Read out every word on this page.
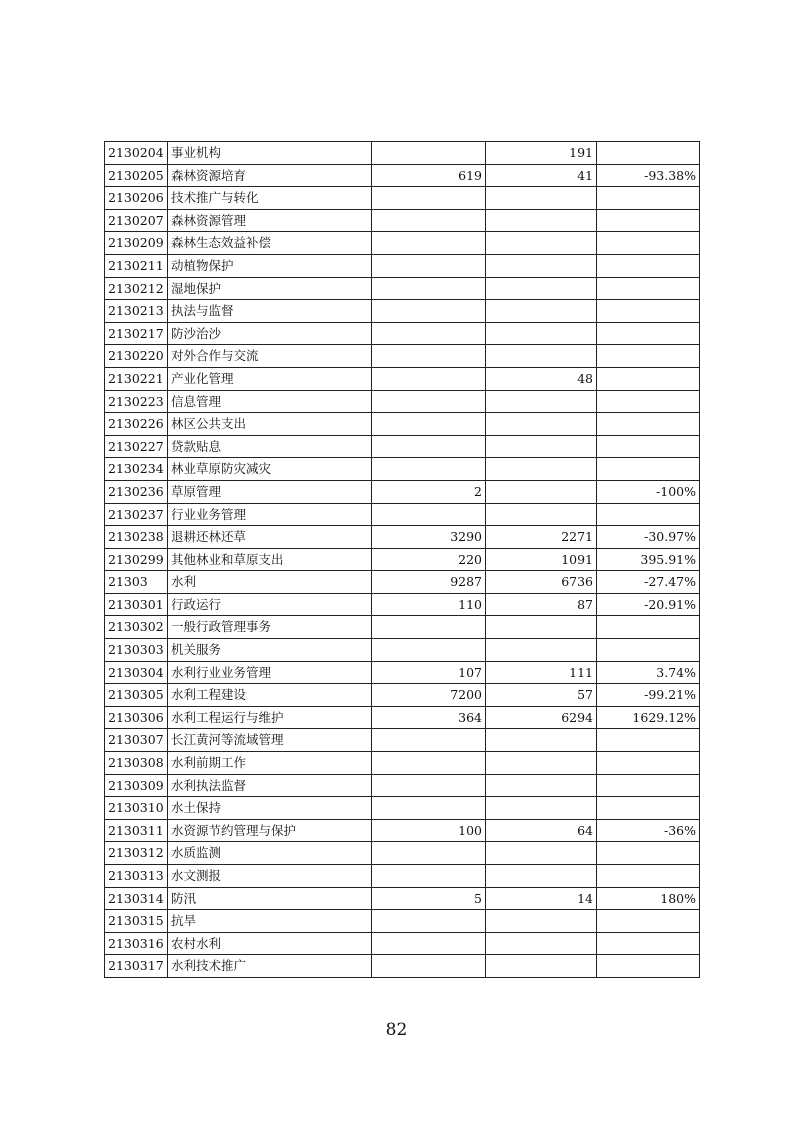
2130204	事业机构		191	
2130205	森林资源培育	619	41	-93.38%
2130206	技术推广与转化			
2130207	森林资源管理			
2130209	森林生态效益补偿			
2130211	动植物保护			
2130212	湿地保护			
2130213	执法与监督			
2130217	防沙治沙			
2130220	对外合作与交流			
2130221	产业化管理		48	
2130223	信息管理			
2130226	林区公共支出			
2130227	贷款贴息			
2130234	林业草原防灾减灾			
2130236	草原管理	2		-100%
2130237	行业业务管理			
2130238	退耕还林还草	3290	2271	-30.97%
2130299	其他林业和草原支出	220	1091	395.91%
21303	水利	9287	6736	-27.47%
2130301	行政运行	110	87	-20.91%
2130302	一般行政管理事务			
2130303	机关服务			
2130304	水利行业业务管理	107	111	3.74%
2130305	水利工程建设	7200	57	-99.21%
2130306	水利工程运行与维护	364	6294	1629.12%
2130307	长江黄河等流域管理			
2130308	水利前期工作			
2130309	水利执法监督			
2130310	水土保持			
2130311	水资源节约管理与保护	100	64	-36%
2130312	水质监测			
2130313	水文测报			
2130314	防汛	5	14	180%
2130315	抗旱			
2130316	农村水利			
2130317	水利技术推广			
82
